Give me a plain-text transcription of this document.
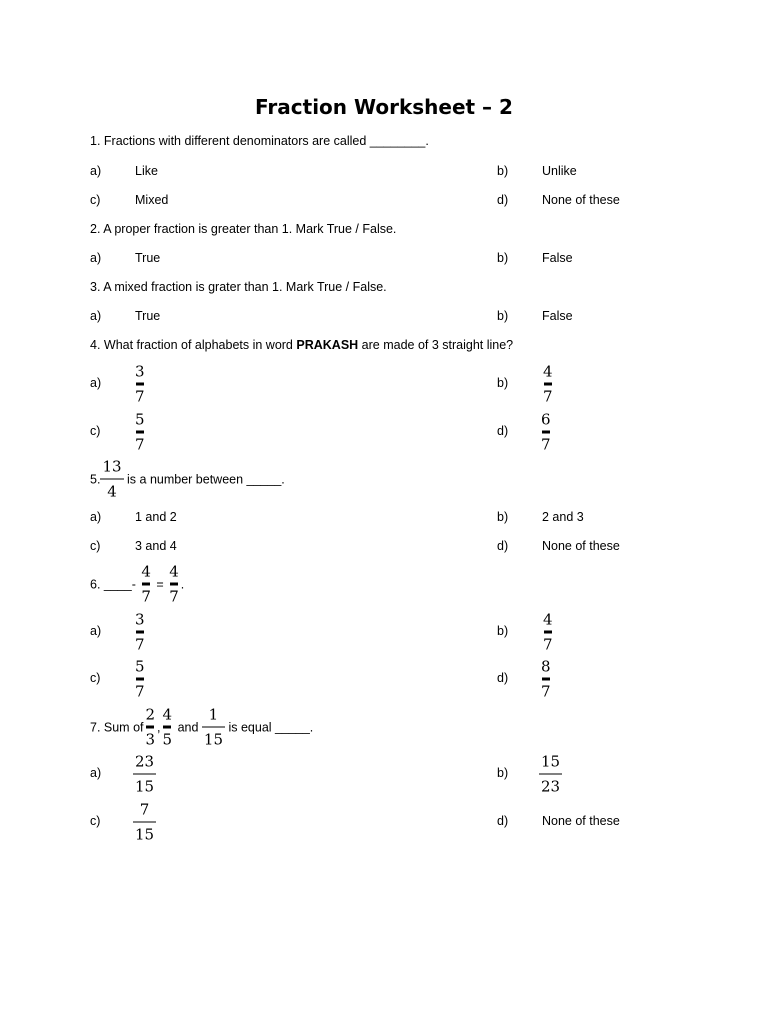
Fraction Worksheet – 2
1. Fractions with different denominators are called ________.
a)	Like	b)	Unlike
c)	Mixed	d)	None of these
2. A proper fraction is greater than 1. Mark True / False.
a)	True	b)	False
3. A mixed fraction is grater than 1. Mark True / False.
a)	True	b)	False
4. What fraction of alphabets in word PRAKASH are made of 3 straight line?
$a) \frac{3}{7}$	$b) \frac{4}{7}$
$c) \frac{5}{7}$	$d) \frac{6}{7}$
5. $\frac{13}{4}$ is a number between _____.
a)	1 and 2	b)	2 and 3
c)	3 and 4	d)	None of these
6. ____- $\frac{4}{7} = \frac{4}{7}$ .
$a) \frac{3}{7}$	$b) \frac{4}{7}$
$c) \frac{5}{7}$	$d) \frac{8}{7}$
7. Sum of $\frac{2}{3}$ , $\frac{4}{5}$ and $\frac{1}{15}$ is equal _____.
$a) \frac{23}{15}$	$b) \frac{15}{23}$
$c) \frac{7}{15}$	d)	None of these
